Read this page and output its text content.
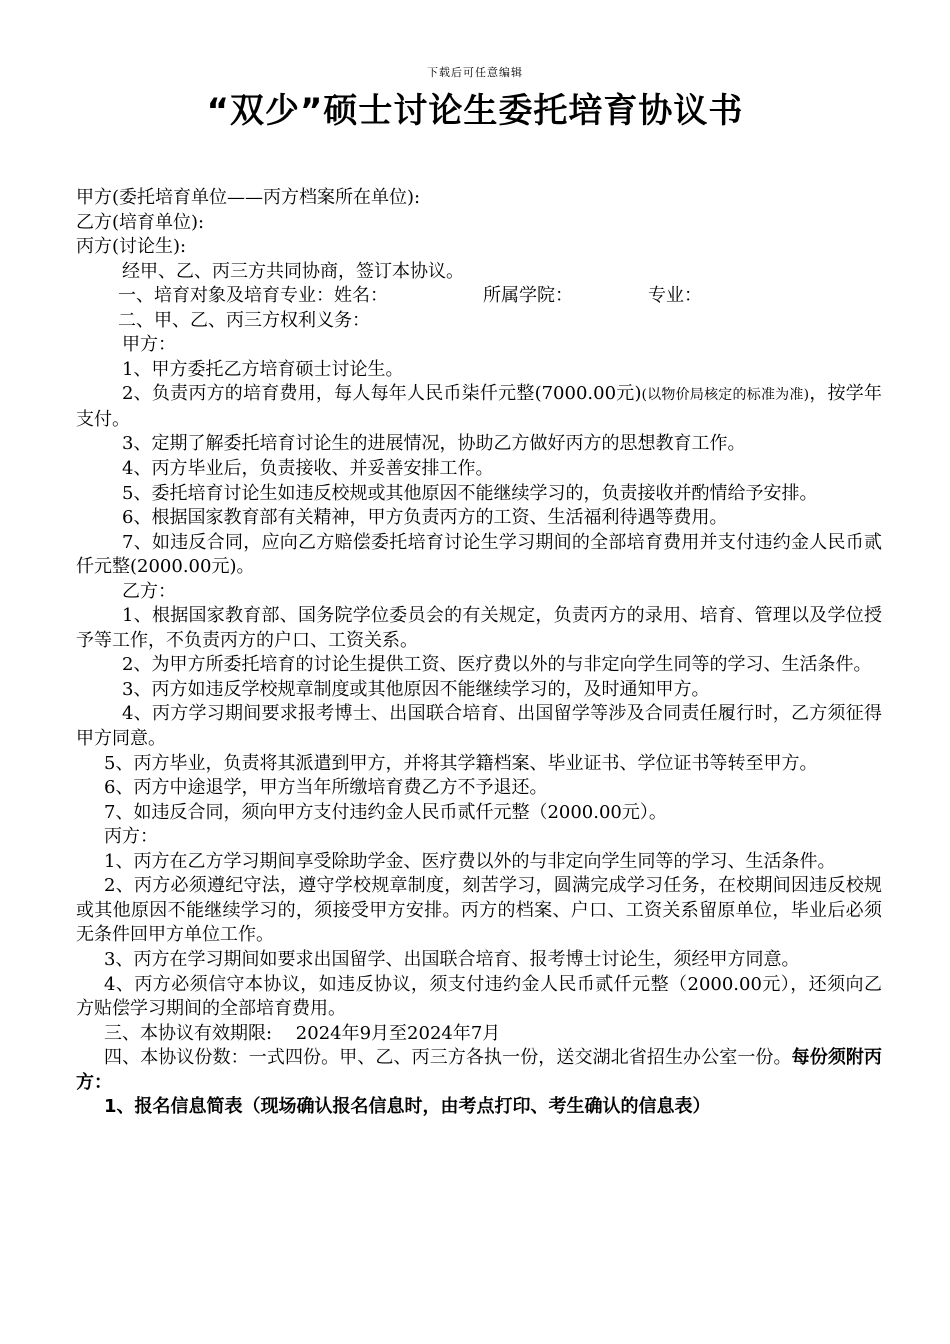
下载后可任意编辑
“双少”硕士讨论生委托培育协议书

甲方(委托培育单位——丙方档案所在单位):

乙方(培育单位):

丙方(讨论生):

经甲、乙、丙三方共同协商，签订本协议。

一、培育对象及培育专业：姓名：	所属学院：	专业：

二、甲、乙、丙三方权利义务：

甲方：

1、甲方委托乙方培育硕士讨论生。

2、负责丙方的培育费用，每人每年人民币柒仟元整(7000.00元)(以物价局核定的标准为准)，按学年支付。

3、定期了解委托培育讨论生的进展情况，协助乙方做好丙方的思想教育工作。

4、丙方毕业后，负责接收、并妥善安排工作。

5、委托培育讨论生如违反校规或其他原因不能继续学习的，负责接收并酌情给予安排。

6、根据国家教育部有关精神，甲方负责丙方的工资、生活福利待遇等费用。

7、如违反合同，应向乙方赔偿委托培育讨论生学习期间的全部培育费用并支付违约金人民币贰仟元整(2000.00元)。

乙方：

1、根据国家教育部、国务院学位委员会的有关规定，负责丙方的录用、培育、管理以及学位授予等工作，不负责丙方的户口、工资关系。

2、为甲方所委托培育的讨论生提供工资、医疗费以外的与非定向学生同等的学习、生活条件。

3、丙方如违反学校规章制度或其他原因不能继续学习的，及时通知甲方。

4、丙方学习期间要求报考博士、出国联合培育、出国留学等涉及合同责任履行时，乙方须征得甲方同意。

5、丙方毕业，负责将其派遣到甲方，并将其学籍档案、毕业证书、学位证书等转至甲方。

6、丙方中途退学，甲方当年所缴培育费乙方不予退还。

7、如违反合同，须向甲方支付违约金人民币贰仟元整（2000.00元）。

丙方：

1、丙方在乙方学习期间享受除助学金、医疗费以外的与非定向学生同等的学习、生活条件。

2、丙方必须遵纪守法，遵守学校规章制度，刻苦学习，圆满完成学习任务，在校期间因违反校规或其他原因不能继续学习的，须接受甲方安排。丙方的档案、户口、工资关系留原单位，毕业后必须无条件回甲方单位工作。

3、丙方在学习期间如要求出国留学、出国联合培育、报考博士讨论生，须经甲方同意。

4、丙方必须信守本协议，如违反协议，须支付违约金人民币贰仟元整（2000.00元），还须向乙方贴偿学习期间的全部培育费用。

三、本协议有效期限:　 2024年9月至2024年7月

四、本协议份数：一式四份。甲、乙、丙三方各执一份，送交湖北省招生办公室一份。每份须附丙方：

1、报名信息简表（现场确认报名信息时，由考点打印、考生确认的信息表）
